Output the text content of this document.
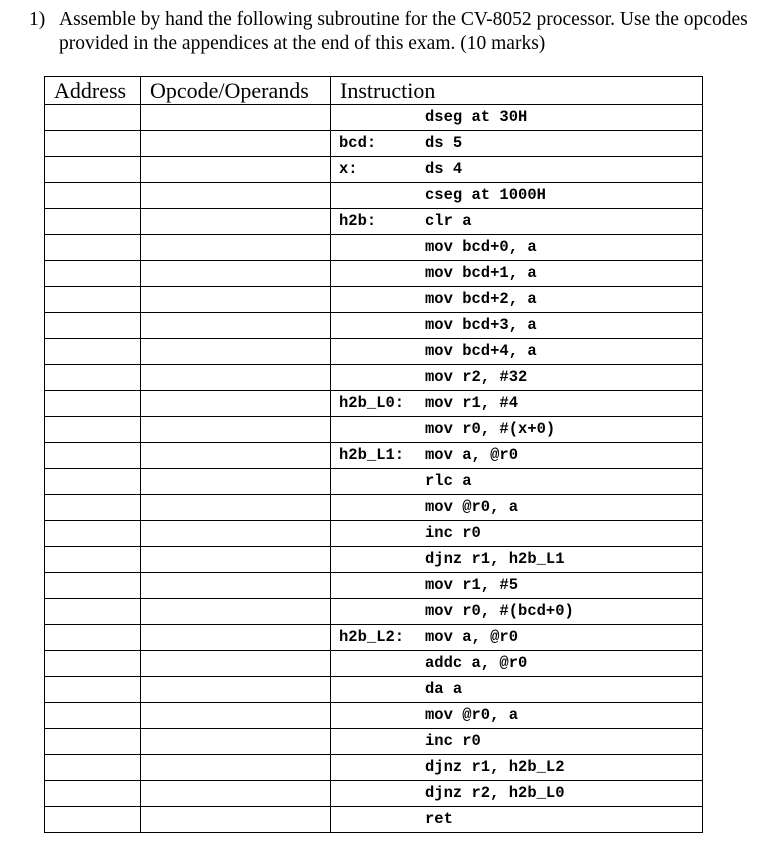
1) Assemble by hand the following subroutine for the CV-8052 processor. Use the opcodes provided in the appendices at the end of this exam. (10 marks)
Address	Opcode/Operands	Instruction

		dseg at 30H

		bcd: ds 5

		x: ds 4

		cseg at 1000H

		h2b: clr a

		mov bcd+0, a

		mov bcd+1, a

		mov bcd+2, a

		mov bcd+3, a

		mov bcd+4, a

		mov r2, #32

		h2b_L0: mov r1, #4

		mov r0, #(x+0)

		h2b_L1: mov a, @r0

		rlc a

		mov @r0, a

		inc r0

		djnz r1, h2b_L1

		mov r1, #5

		mov r0, #(bcd+0)

		h2b_L2: mov a, @r0

		addc a, @r0

		da a

		mov @r0, a

		inc r0

		djnz r1, h2b_L2

		djnz r2, h2b_L0

		ret
